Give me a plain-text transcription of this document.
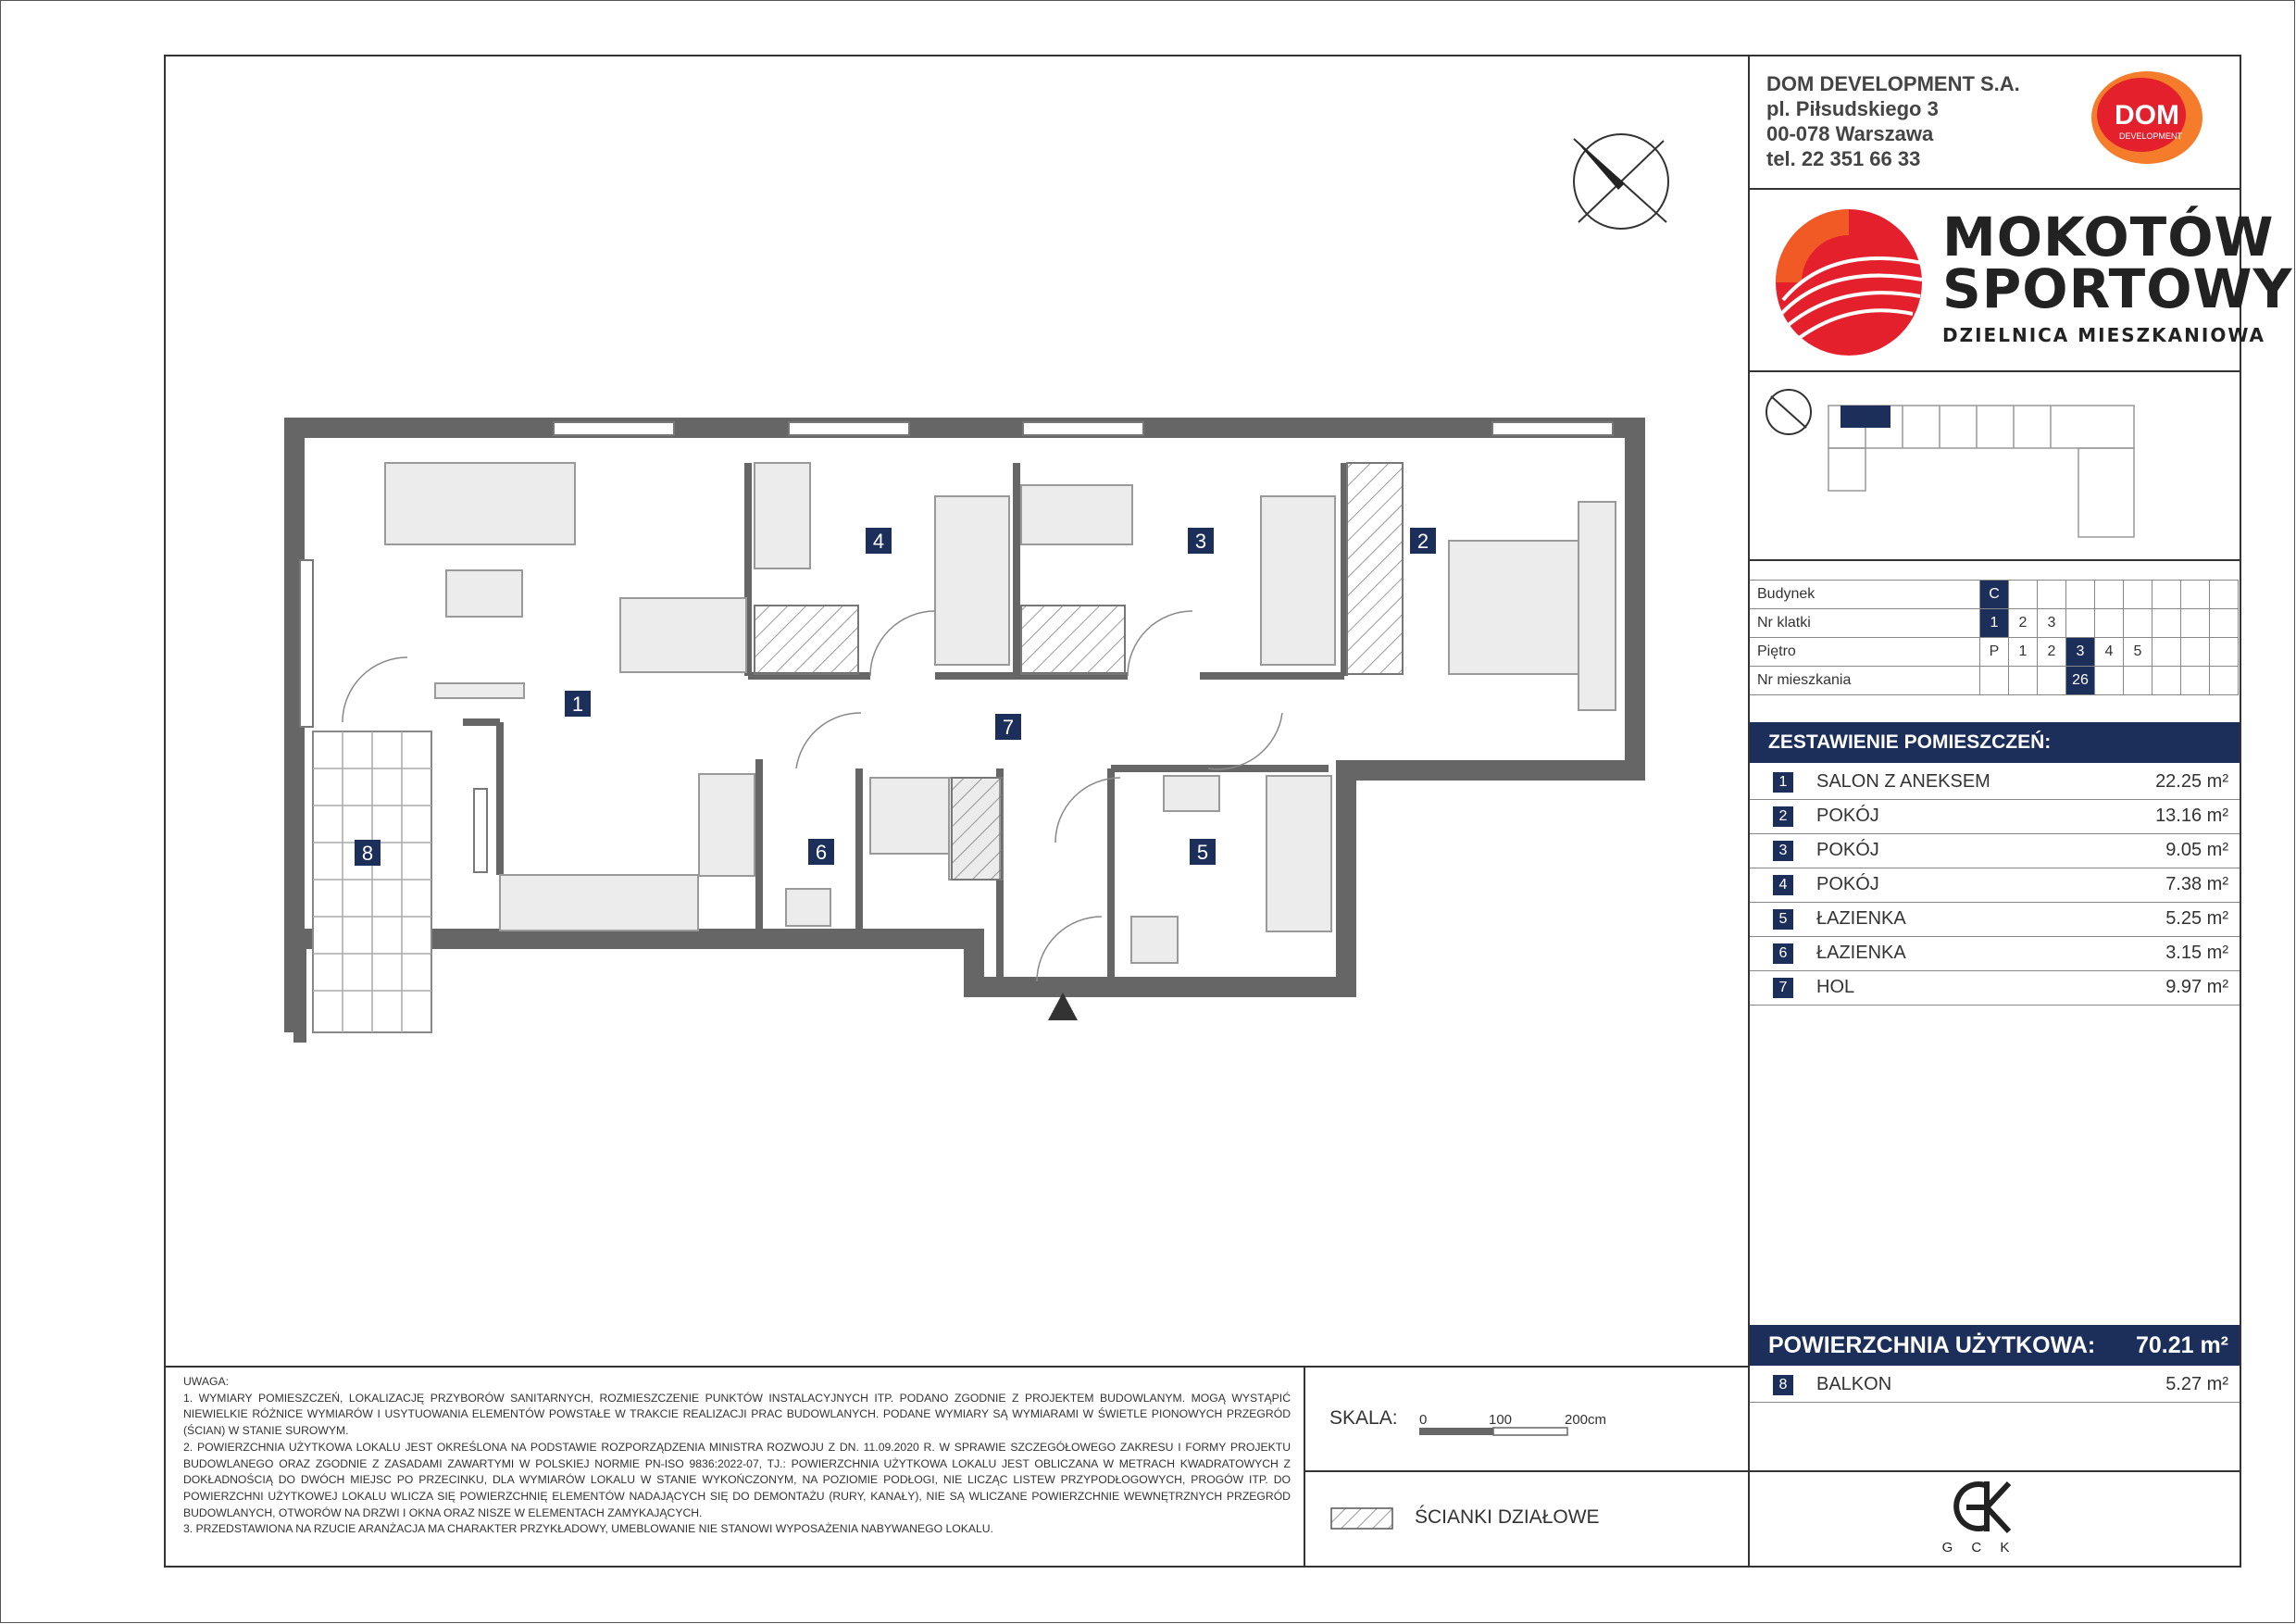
1
2
3
4
5
6
7
8
DOM DEVELOPMENT S.A.
pl. Piłsudskiego 3
00-078 Warszawa
tel. 22 351 66 33
DOM
DEVELOPMENT
MOKOTÓW
SPORTOWY
DZIELNICA MIESZKANIOWA
Budynek	C								
Nr klatki	1	2	3						
Piętro	P	1	2	3	4	5			
Nr mieszkania				26					
ZESTAWIENIE POMIESZCZEŃ:
1	SALON Z ANEKSEM	22.25 m²
2	POKÓJ	13.16 m²
3	POKÓJ	9.05 m²
4	POKÓJ	7.38 m²
5	ŁAZIENKA	5.25 m²
6	ŁAZIENKA	3.15 m²
7	HOL	9.97 m²
POWIERZCHNIA UŻYTKOWA: 70.21 m²
8	BALKON	5.27 m²
UWAGA:
1. WYMIARY POMIESZCZEŃ, LOKALIZACJĘ PRZYBORÓW SANITARNYCH, ROZMIESZCZENIE PUNKTÓW INSTALACYJNYCH ITP. PODANO ZGODNIE Z PROJEKTEM BUDOWLANYM. MOGĄ WYSTĄPIĆ NIEWIELKIE RÓŻNICE WYMIARÓW I USYTUOWANIA ELEMENTÓW POWSTAŁE W TRAKCIE REALIZACJI PRAC BUDOWLANYCH. PODANE WYMIARY SĄ WYMIARAMI W ŚWIETLE PIONOWYCH PRZEGRÓD (ŚCIAN) W STANIE SUROWYM.
2. POWIERZCHNIA UŻYTKOWA LOKALU JEST OKREŚLONA NA PODSTAWIE ROZPORZĄDZENIA MINISTRA ROZWOJU Z DN. 11.09.2020 R. W SPRAWIE SZCZEGÓŁOWEGO ZAKRESU I FORMY PROJEKTU BUDOWLANEGO ORAZ ZGODNIE Z ZASADAMI ZAWARTYMI W POLSKIEJ NORMIE PN-ISO 9836:2022-07, TJ.: POWIERZCHNIA UŻYTKOWA LOKALU JEST OBLICZANA W METRACH KWADRATOWYCH Z DOKŁADNOŚCIĄ DO DWÓCH MIEJSC PO PRZECINKU, DLA WYMIARÓW LOKALU W STANIE WYKOŃCZONYM, NA POZIOMIE PODŁOGI, NIE LICZĄC LISTEW PRZYPODŁOGOWYCH, PROGÓW ITP. DO POWIERZCHNI UŻYTKOWEJ LOKALU WLICZA SIĘ POWIERZCHNIĘ ELEMENTÓW NADAJĄCYCH SIĘ DO DEMONTAŻU (RURY, KANAŁY), NIE SĄ WLICZANE POWIERZCHNIE WEWNĘTRZNYCH PRZEGRÓD BUDOWLANYCH, OTWORÓW NA DRZWI I OKNA ORAZ NISZE W ELEMENTACH ZAMYKAJĄCYCH.
3. PRZEDSTAWIONA NA RZUCIE ARANŻACJA MA CHARAKTER PRZYKŁADOWY, UMEBLOWANIE NIE STANOWI WYPOSAŻENIA NABYWANEGO LOKALU.
SKALA: 0	100	200cm
ŚCIANKI DZIAŁOWE
G C K
